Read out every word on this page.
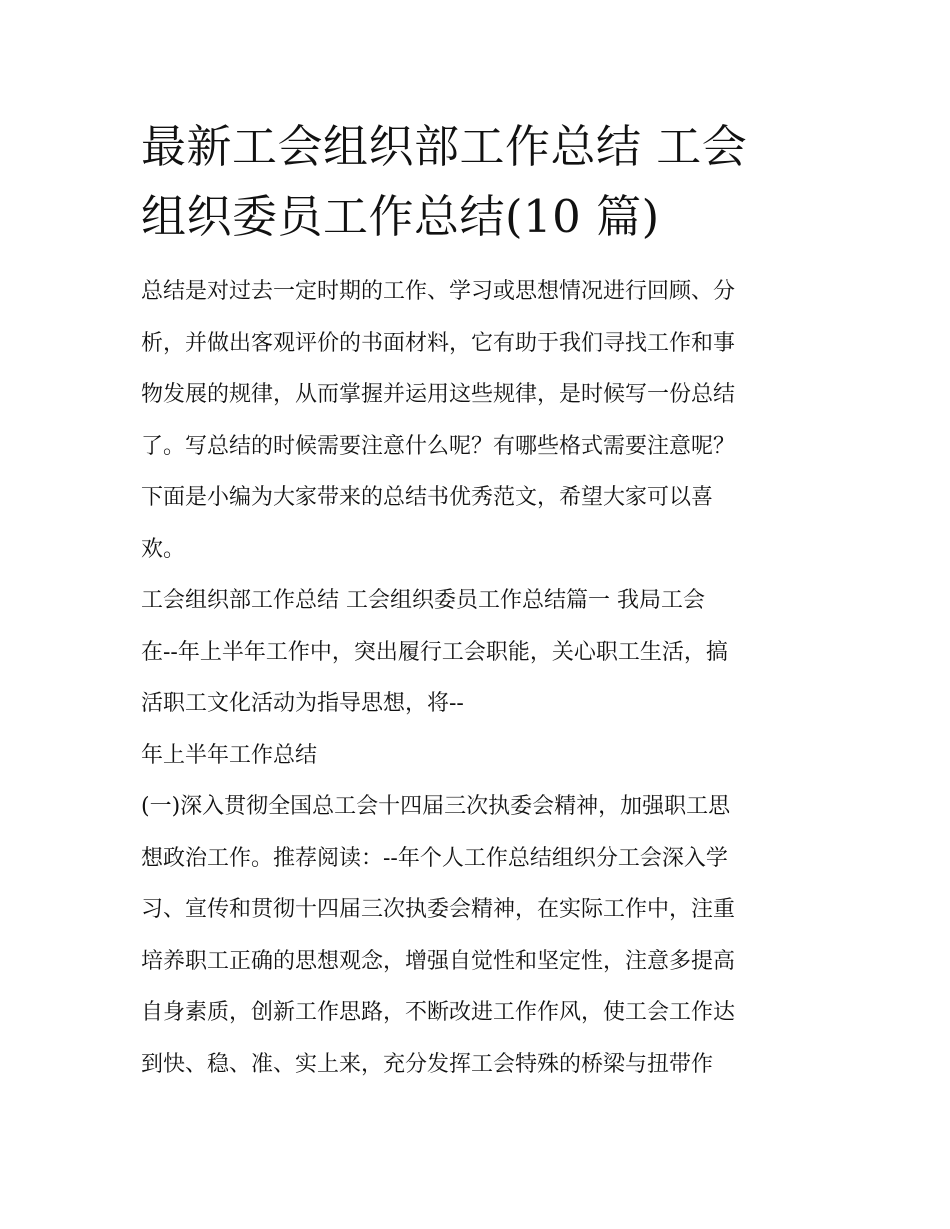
最新工会组织部工作总结 工会
组织委员工作总结(10 篇)

总结是对过去一定时期的工作、学习或思想情况进行回顾、分

析，并做出客观评价的书面材料，它有助于我们寻找工作和事

物发展的规律，从而掌握并运用这些规律，是时候写一份总结

了。写总结的时候需要注意什么呢？有哪些格式需要注意呢？

下面是小编为大家带来的总结书优秀范文，希望大家可以喜

欢。

工会组织部工作总结 工会组织委员工作总结篇一 我局工会

在--年上半年工作中，突出履行工会职能，关心职工生活，搞

活职工文化活动为指导思想，将--

年上半年工作总结

(一)深入贯彻全国总工会十四届三次执委会精神，加强职工思

想政治工作。推荐阅读：--年个人工作总结组织分工会深入学

习、宣传和贯彻十四届三次执委会精神，在实际工作中，注重

培养职工正确的思想观念，增强自觉性和坚定性，注意多提高

自身素质，创新工作思路，不断改进工作作风，使工会工作达

到快、稳、准、实上来，充分发挥工会特殊的桥梁与扭带作
